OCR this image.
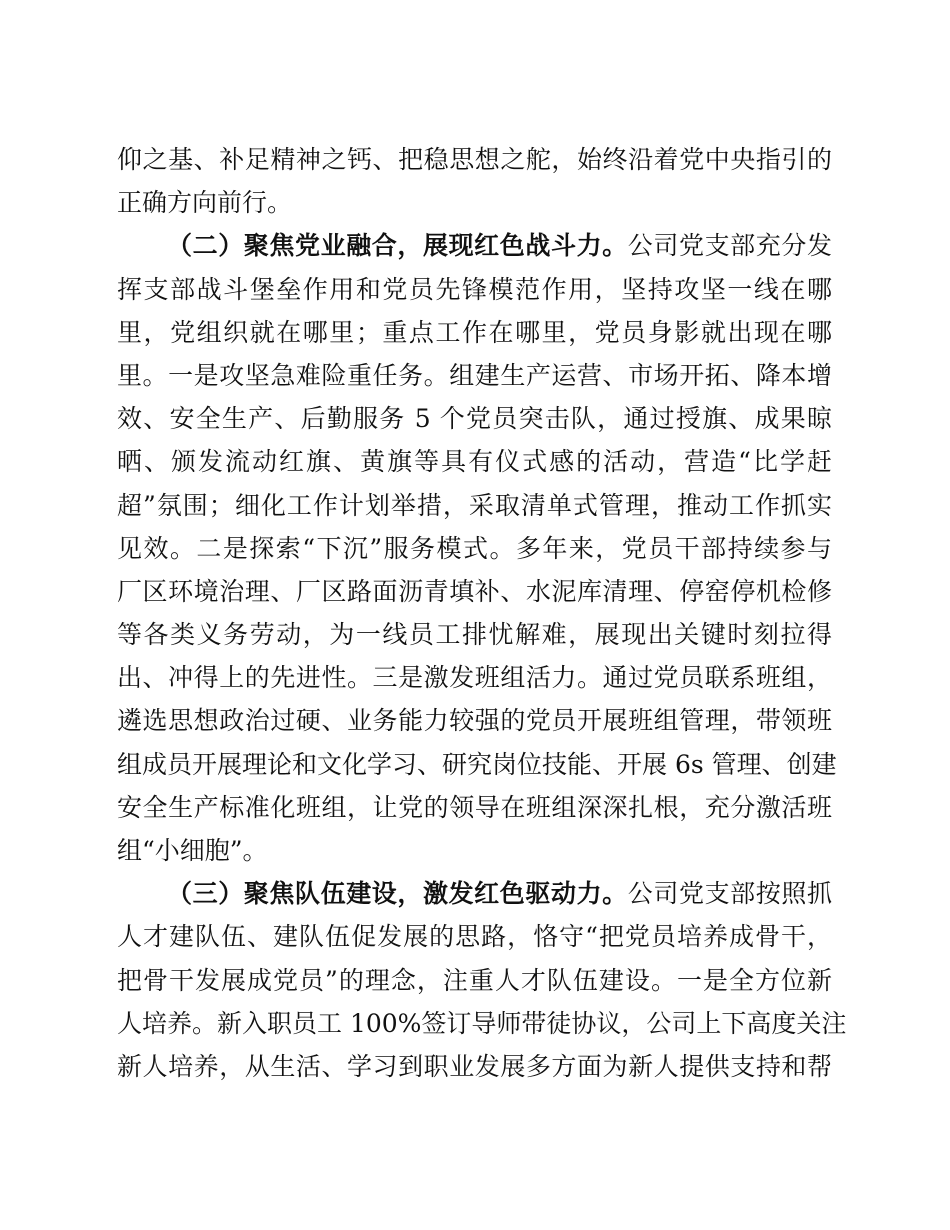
仰之基、补足精神之钙、把稳思想之舵，始终沿着党中央指引的
正确方向前行。
（二）聚焦党业融合，展现红色战斗力。公司党支部充分发
挥支部战斗堡垒作用和党员先锋模范作用，坚持攻坚一线在哪
里，党组织就在哪里；重点工作在哪里，党员身影就出现在哪
里。一是攻坚急难险重任务。组建生产运营、市场开拓、降本增
效、安全生产、后勤服务 5 个党员突击队，通过授旗、成果晾
晒、颁发流动红旗、黄旗等具有仪式感的活动，营造“比学赶
超”氛围；细化工作计划举措，采取清单式管理，推动工作抓实
见效。二是探索“下沉”服务模式。多年来，党员干部持续参与
厂区环境治理、厂区路面沥青填补、水泥库清理、停窑停机检修
等各类义务劳动，为一线员工排忧解难，展现出关键时刻拉得
出、冲得上的先进性。三是激发班组活力。通过党员联系班组，
遴选思想政治过硬、业务能力较强的党员开展班组管理，带领班
组成员开展理论和文化学习、研究岗位技能、开展 6s 管理、创建
安全生产标准化班组，让党的领导在班组深深扎根，充分激活班
组“小细胞”。
（三）聚焦队伍建设，激发红色驱动力。公司党支部按照抓
人才建队伍、建队伍促发展的思路，恪守“把党员培养成骨干，
把骨干发展成党员”的理念，注重人才队伍建设。一是全方位新
人培养。新入职员工 100%签订导师带徒协议，公司上下高度关注
新人培养，从生活、学习到职业发展多方面为新人提供支持和帮
